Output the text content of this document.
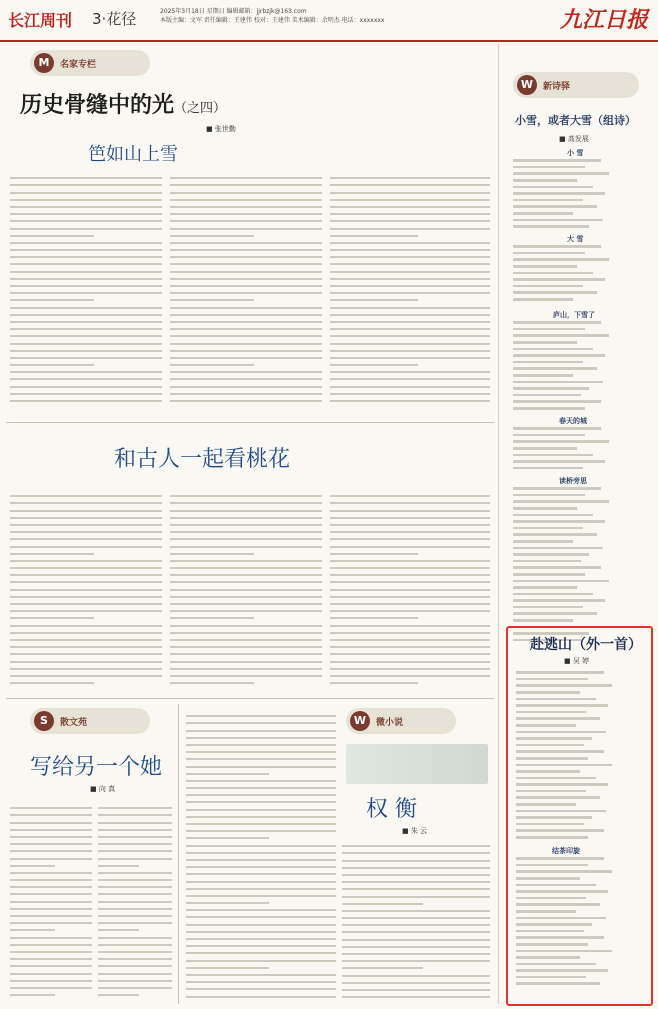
长江周刊 3·花径	2025年3月18日 星期日 编辑邮箱：jjrbzjk@163.com
本版主编：文军 责任编辑：王建伟 校对：王建伟 美术编辑：余明杰 电话：xxxxxxx	九江日报
M	名家专栏
历史骨缝中的光（之四）
■ 张世勤
笆如山上雪
和古人一起看桃花
S	散文苑
写给另一个她
■ 向 真
W	微小说
权 衡
■ 朱 云
W	新诗驿
小雪，或者大雪（组诗）
■ 高发展
小 雪
大 雪
庐山，下雪了
春天的城
读桥旁思
赴逃山（外一首）
■ 吴 婷
结茶印旋
